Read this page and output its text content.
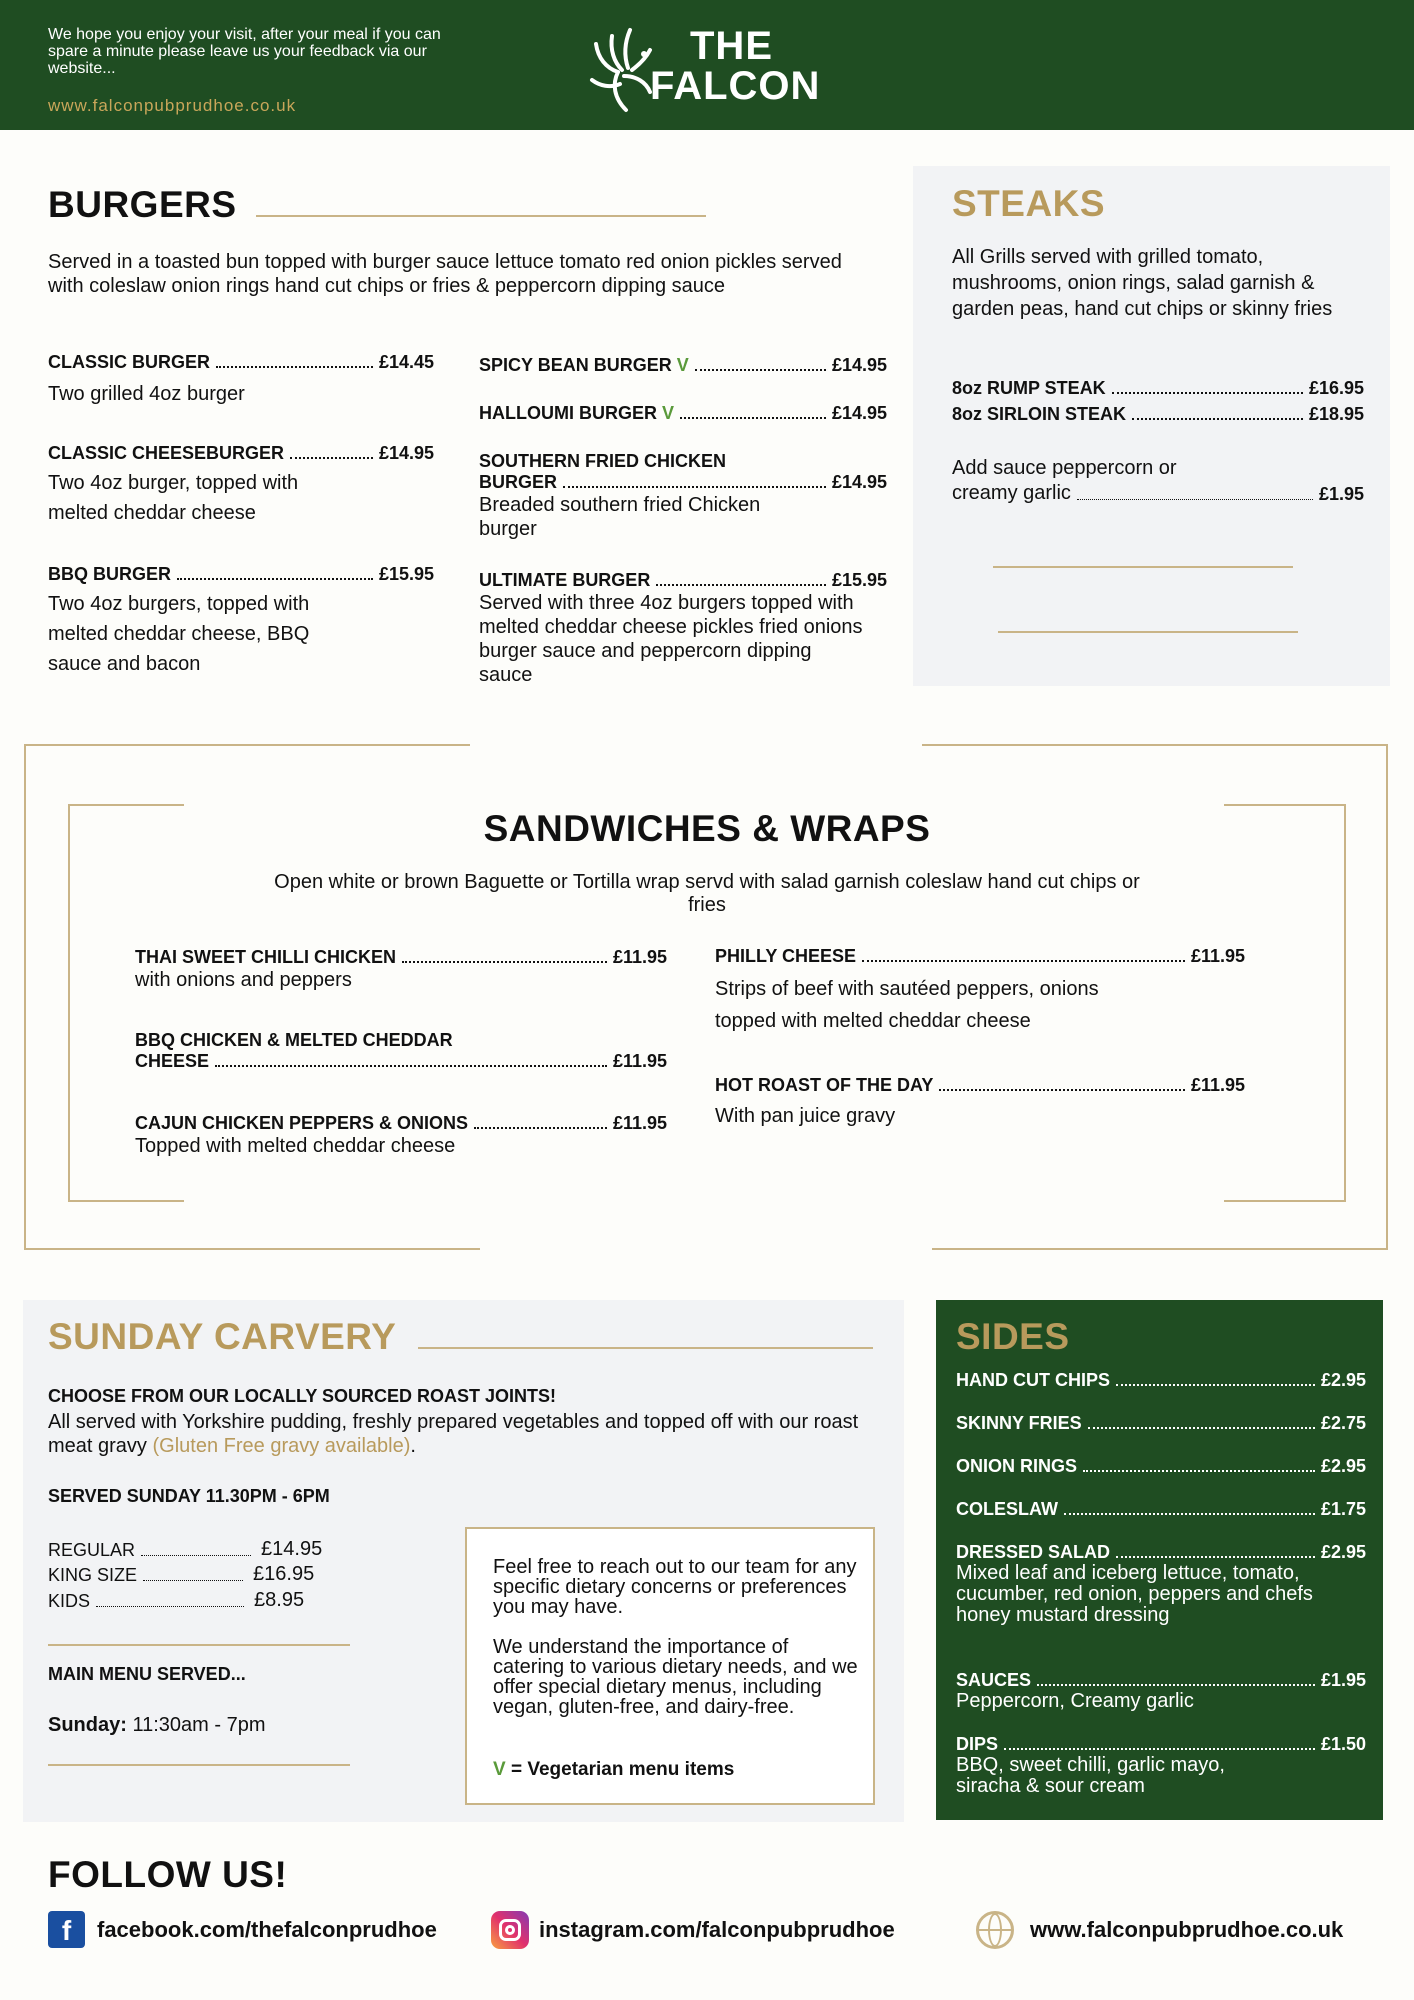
We hope you enjoy your visit, after your meal if you can spare a minute please leave us your feedback via our website...
www.falconpubprudhoe.co.uk
THE
FALCON
BURGERS
Served in a toasted bun topped with burger sauce lettuce tomato red onion pickles served with coleslaw onion rings hand cut chips or fries & peppercorn dipping sauce
CLASSIC BURGER	£14.45
Two grilled 4oz burger
CLASSIC CHEESEBURGER	£14.95
Two 4oz burger, topped with melted cheddar cheese
BBQ BURGER	£15.95
Two 4oz burgers, topped with melted cheddar cheese, BBQ sauce and bacon
SPICY BEAN BURGER
V	£14.95
HALLOUMI BURGER
V	£14.95
SOUTHERN FRIED CHICKEN
BURGER	£14.95
Breaded southern fried Chicken burger
ULTIMATE BURGER	£15.95
Served with three 4oz burgers topped with melted cheddar cheese pickles fried onions burger sauce and peppercorn dipping sauce
STEAKS
All Grills served with grilled tomato, mushrooms, onion rings, salad garnish & garden peas, hand cut chips or skinny fries
8oz RUMP STEAK	£16.95
8oz SIRLOIN STEAK	£18.95
Add sauce peppercorn or
creamy garlic	£1.95
SANDWICHES & WRAPS
Open white or brown Baguette or Tortilla wrap servd with salad garnish coleslaw hand cut chips or fries
THAI SWEET CHILLI CHICKEN	£11.95
with onions and peppers
BBQ CHICKEN & MELTED CHEDDAR
CHEESE	£11.95
CAJUN CHICKEN PEPPERS & ONIONS	£11.95
Topped with melted cheddar cheese
PHILLY CHEESE	£11.95
Strips of beef with sautéed peppers, onions topped with melted cheddar cheese
HOT ROAST OF THE DAY	£11.95
With pan juice gravy
SUNDAY CARVERY
CHOOSE FROM OUR LOCALLY SOURCED ROAST JOINTS!
All served with Yorkshire pudding, freshly prepared vegetables and topped off with our roast meat gravy (Gluten Free gravy available).
SERVED SUNDAY 11.30PM - 6PM
REGULAR	£14.95
KING SIZE	£16.95
KIDS	£8.95
MAIN MENU SERVED...
Sunday: 11:30am - 7pm
Feel free to reach out to our team for any specific dietary concerns or preferences you may have.
We understand the importance of catering to various dietary needs, and we offer special dietary menus, including vegan, gluten-free, and dairy-free.
V = Vegetarian menu items
SIDES
HAND CUT CHIPS	£2.95
SKINNY FRIES	£2.75
ONION RINGS	£2.95
COLESLAW	£1.75
DRESSED SALAD	£2.95
Mixed leaf and iceberg lettuce, tomato, cucumber, red onion, peppers and chefs honey mustard dressing
SAUCES	£1.95
Peppercorn, Creamy garlic
DIPS	£1.50
BBQ, sweet chilli, garlic mayo, siracha & sour cream
FOLLOW US!
f	facebook.com/thefalconprudhoe	instagram.com/falconpubprudhoe	www.falconpubprudhoe.co.uk
